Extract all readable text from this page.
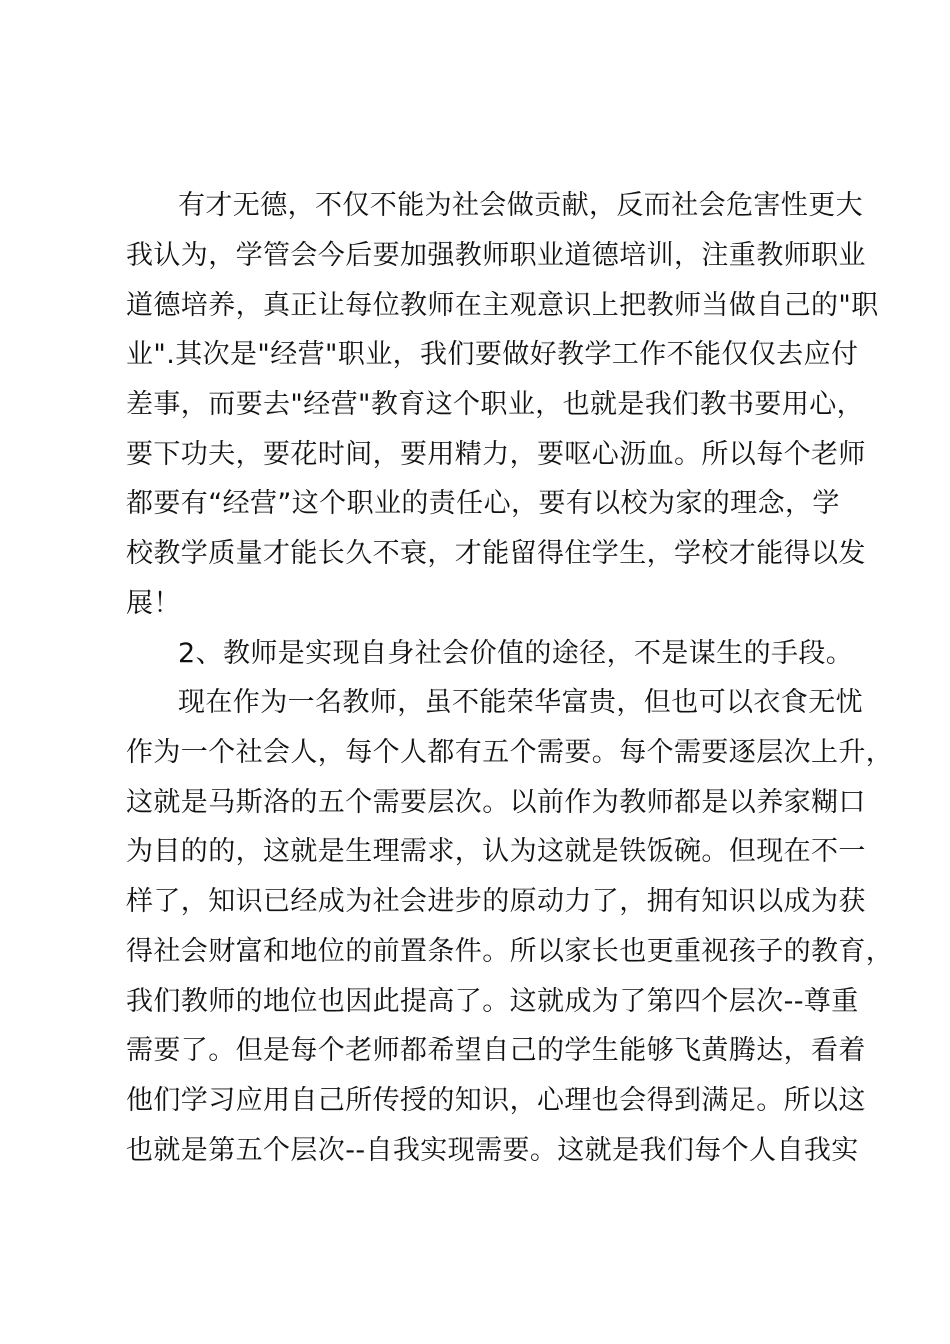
有才无德，不仅不能为社会做贡献，反而社会危害性更大
我认为，学管会今后要加强教师职业道德培训，注重教师职业
道德培养，真正让每位教师在主观意识上把教师当做自己的"职
业".其次是"经营"职业，我们要做好教学工作不能仅仅去应付
差事，而要去"经营"教育这个职业，也就是我们教书要用心，
要下功夫，要花时间，要用精力，要呕心沥血。所以每个老师
都要有“经营”这个职业的责任心，要有以校为家的理念，学
校教学质量才能长久不衰，才能留得住学生，学校才能得以发
展！
2、教师是实现自身社会价值的途径，不是谋生的手段。
现在作为一名教师，虽不能荣华富贵，但也可以衣食无忧
作为一个社会人，每个人都有五个需要。每个需要逐层次上升，
这就是马斯洛的五个需要层次。以前作为教师都是以养家糊口
为目的的，这就是生理需求，认为这就是铁饭碗。但现在不一
样了，知识已经成为社会进步的原动力了，拥有知识以成为获
得社会财富和地位的前置条件。所以家长也更重视孩子的教育，
我们教师的地位也因此提高了。这就成为了第四个层次--尊重
需要了。但是每个老师都希望自己的学生能够飞黄腾达，看着
他们学习应用自己所传授的知识，心理也会得到满足。所以这
也就是第五个层次--自我实现需要。这就是我们每个人自我实
